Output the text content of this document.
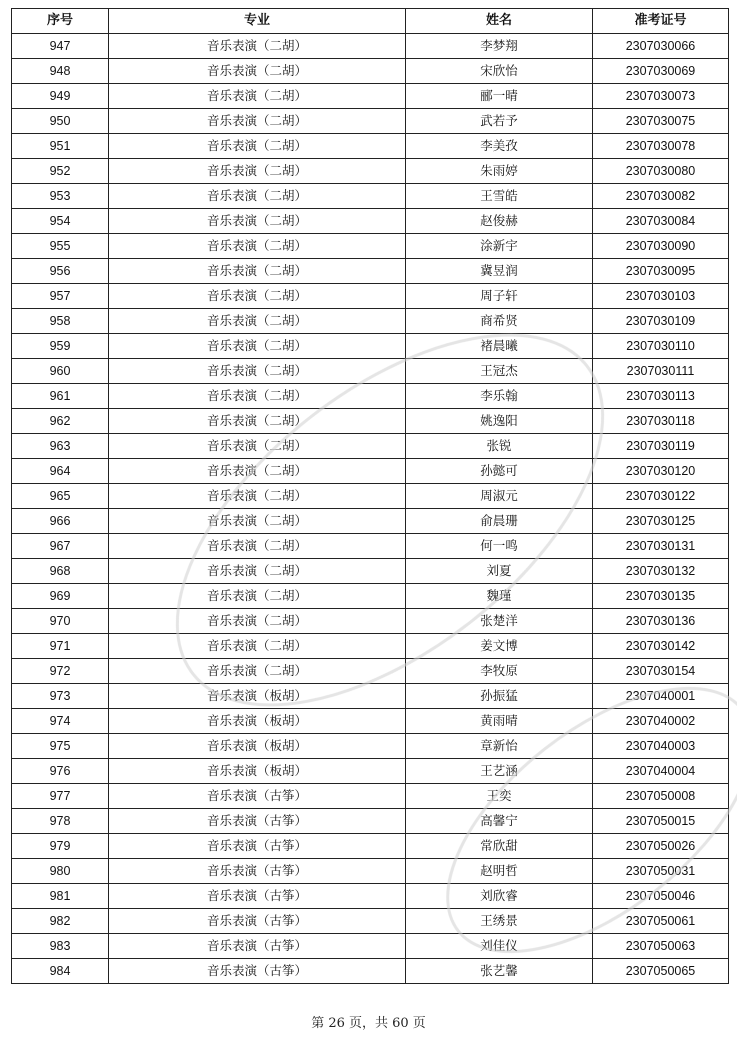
序号	专业	姓名	准考证号
947	音乐表演（二胡）	李梦翔	2307030066
948	音乐表演（二胡）	宋欣怡	2307030069
949	音乐表演（二胡）	郦一晴	2307030073
950	音乐表演（二胡）	武若予	2307030075
951	音乐表演（二胡）	李美孜	2307030078
952	音乐表演（二胡）	朱雨婷	2307030080
953	音乐表演（二胡）	王雪皓	2307030082
954	音乐表演（二胡）	赵俊赫	2307030084
955	音乐表演（二胡）	涂新宇	2307030090
956	音乐表演（二胡）	冀昱润	2307030095
957	音乐表演（二胡）	周子轩	2307030103
958	音乐表演（二胡）	商希贤	2307030109
959	音乐表演（二胡）	褚晨曦	2307030110
960	音乐表演（二胡）	王冠杰	2307030111
961	音乐表演（二胡）	李乐翰	2307030113
962	音乐表演（二胡）	姚逸阳	2307030118
963	音乐表演（二胡）	张锐	2307030119
964	音乐表演（二胡）	孙懿可	2307030120
965	音乐表演（二胡）	周淑元	2307030122
966	音乐表演（二胡）	俞晨珊	2307030125
967	音乐表演（二胡）	何一鸣	2307030131
968	音乐表演（二胡）	刘夏	2307030132
969	音乐表演（二胡）	魏瑾	2307030135
970	音乐表演（二胡）	张楚洋	2307030136
971	音乐表演（二胡）	姜文博	2307030142
972	音乐表演（二胡）	李牧原	2307030154
973	音乐表演（板胡）	孙振猛	2307040001
974	音乐表演（板胡）	黄雨晴	2307040002
975	音乐表演（板胡）	章新怡	2307040003
976	音乐表演（板胡）	王艺涵	2307040004
977	音乐表演（古筝）	王奕	2307050008
978	音乐表演（古筝）	高馨宁	2307050015
979	音乐表演（古筝）	常欣甜	2307050026
980	音乐表演（古筝）	赵明哲	2307050031
981	音乐表演（古筝）	刘欣睿	2307050046
982	音乐表演（古筝）	王绣景	2307050061
983	音乐表演（古筝）	刘佳仪	2307050063
984	音乐表演（古筝）	张艺馨	2307050065
第 26 页，共 60 页
